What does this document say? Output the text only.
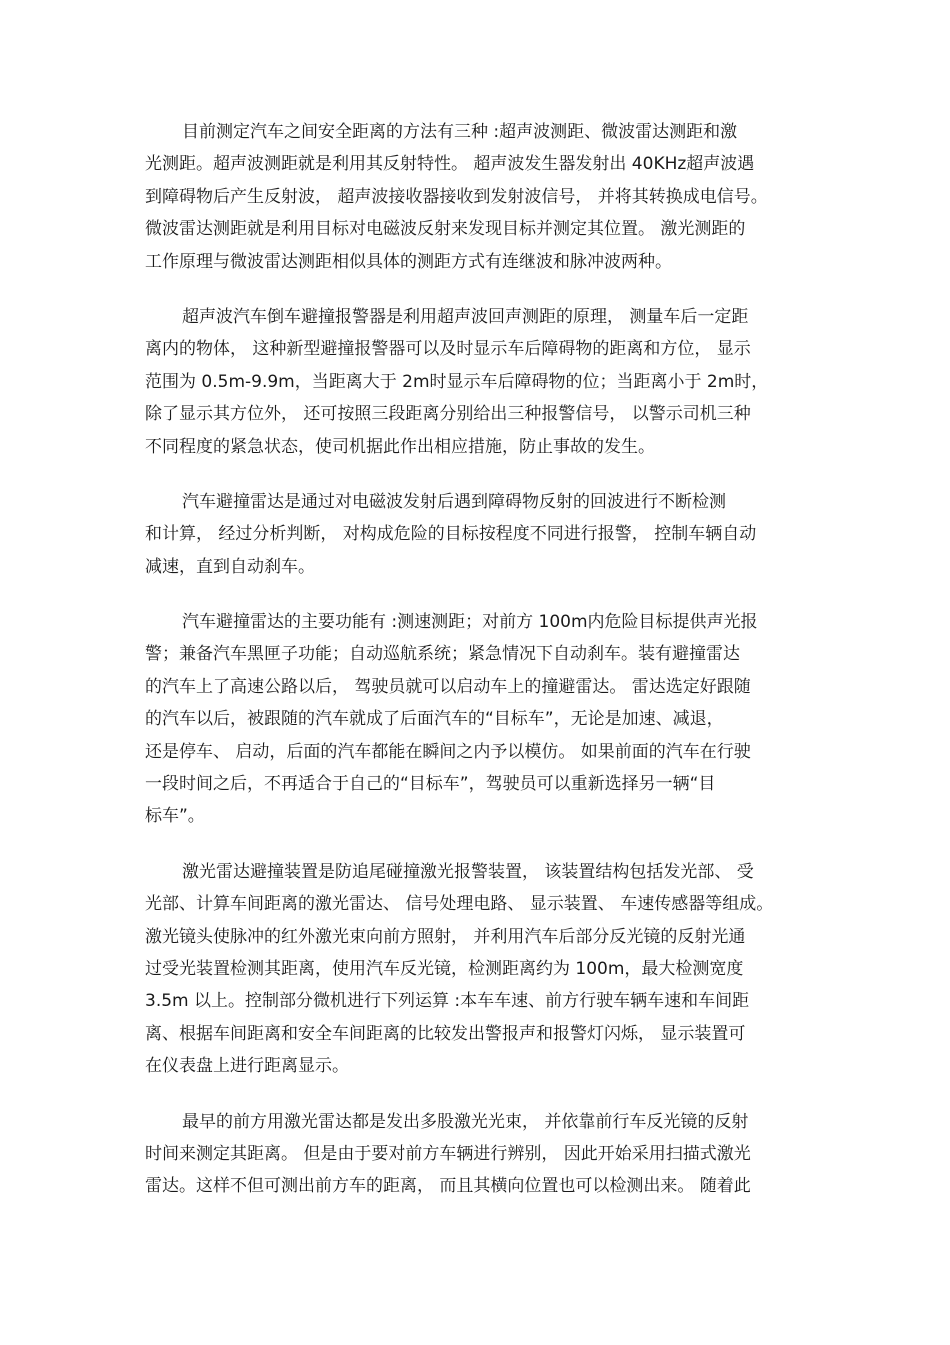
目前测定汽车之间安全距离的方法有三种 :超声波测距、微波雷达测距和激
光测距。超声波测距就是利用其反射特性。 超声波发生器发射出 40KHz超声波遇
到障碍物后产生反射波， 超声波接收器接收到发射波信号， 并将其转换成电信号。
微波雷达测距就是利用目标对电磁波反射来发现目标并测定其位置。 激光测距的
工作原理与微波雷达测距相似具体的测距方式有连继波和脉冲波两种。
超声波汽车倒车避撞报警器是利用超声波回声测距的原理， 测量车后一定距
离内的物体， 这种新型避撞报警器可以及时显示车后障碍物的距离和方位， 显示
范围为 0.5m-9.9m，当距离大于 2m时显示车后障碍物的位；当距离小于 2m时，
除了显示其方位外， 还可按照三段距离分别给出三种报警信号， 以警示司机三种
不同程度的紧急状态，使司机据此作出相应措施，防止事故的发生。
汽车避撞雷达是通过对电磁波发射后遇到障碍物反射的回波进行不断检测
和计算， 经过分析判断， 对构成危险的目标按程度不同进行报警， 控制车辆自动
减速，直到自动刹车。
汽车避撞雷达的主要功能有 :测速测距；对前方 100m内危险目标提供声光报
警；兼备汽车黑匣子功能；自动巡航系统；紧急情况下自动刹车。装有避撞雷达
的汽车上了高速公路以后， 驾驶员就可以启动车上的撞避雷达。 雷达选定好跟随
的汽车以后，被跟随的汽车就成了后面汽车的“目标车”，无论是加速、减退，
还是停车、 启动，后面的汽车都能在瞬间之内予以模仿。 如果前面的汽车在行驶
一段时间之后，不再适合于自己的“目标车”，驾驶员可以重新选择另一辆“目
标车”。
激光雷达避撞装置是防追尾碰撞激光报警装置， 该装置结构包括发光部、 受
光部、计算车间距离的激光雷达、 信号处理电路、 显示装置、 车速传感器等组成。
激光镜头使脉冲的红外激光束向前方照射， 并利用汽车后部分反光镜的反射光通
过受光装置检测其距离，使用汽车反光镜，检测距离约为 100m，最大检测宽度
3.5m 以上。控制部分微机进行下列运算 :本车车速、前方行驶车辆车速和车间距
离、根据车间距离和安全车间距离的比较发出警报声和报警灯闪烁， 显示装置可
在仪表盘上进行距离显示。
最早的前方用激光雷达都是发出多股激光光束， 并依靠前行车反光镜的反射
时间来测定其距离。 但是由于要对前方车辆进行辨别， 因此开始采用扫描式激光
雷达。这样不但可测出前方车的距离， 而且其横向位置也可以检测出来。 随着此
